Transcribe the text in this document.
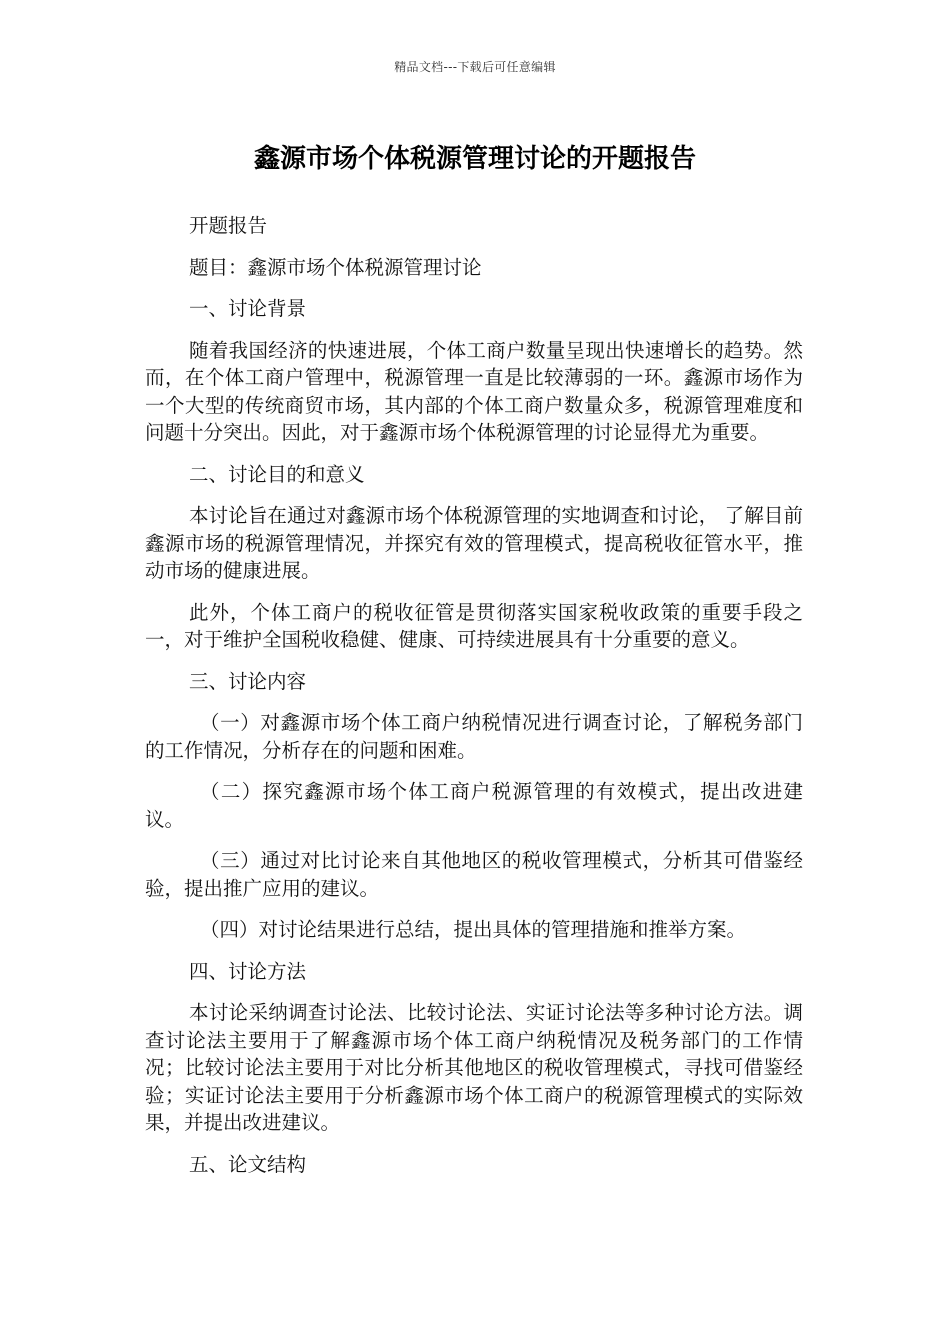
精品文档---下载后可任意编辑
鑫源市场个体税源管理讨论的开题报告

开题报告

题目：鑫源市场个体税源管理讨论

一、讨论背景

随着我国经济的快速进展，个体工商户数量呈现出快速增长的趋势。然而，在个体工商户管理中，税源管理一直是比较薄弱的一环。鑫源市场作为一个大型的传统商贸市场，其内部的个体工商户数量众多，税源管理难度和问题十分突出。因此，对于鑫源市场个体税源管理的讨论显得尤为重要。

二、讨论目的和意义

本讨论旨在通过对鑫源市场个体税源管理的实地调查和讨论， 了解目前鑫源市场的税源管理情况，并探究有效的管理模式，提高税收征管水平，推动市场的健康进展。

此外，个体工商户的税收征管是贯彻落实国家税收政策的重要手段之一，对于维护全国税收稳健、健康、可持续进展具有十分重要的意义。

三、讨论内容

（一）对鑫源市场个体工商户纳税情况进行调查讨论，了解税务部门的工作情况，分析存在的问题和困难。

（二）探究鑫源市场个体工商户税源管理的有效模式，提出改进建议。

（三）通过对比讨论来自其他地区的税收管理模式，分析其可借鉴经验，提出推广应用的建议。

（四）对讨论结果进行总结，提出具体的管理措施和推举方案。

四、讨论方法

本讨论采纳调查讨论法、比较讨论法、实证讨论法等多种讨论方法。调查讨论法主要用于了解鑫源市场个体工商户纳税情况及税务部门的工作情况；比较讨论法主要用于对比分析其他地区的税收管理模式，寻找可借鉴经验；实证讨论法主要用于分析鑫源市场个体工商户的税源管理模式的实际效果，并提出改进建议。

五、论文结构
